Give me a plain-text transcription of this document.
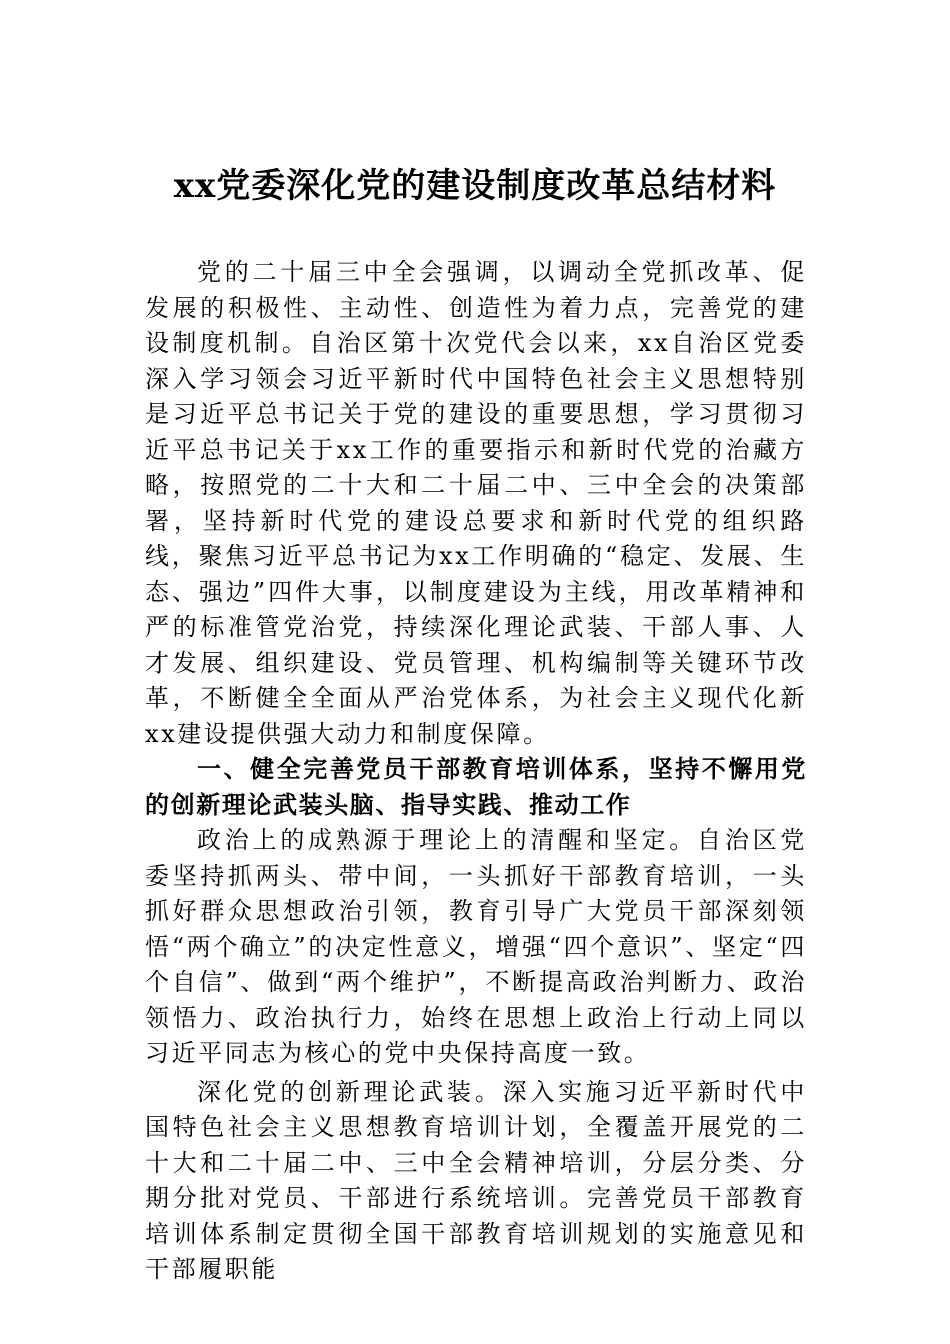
xx党委深化党的建设制度改革总结材料

党的二十届三中全会强调，以调动全党抓改革、促发展的积极性、主动性、创造性为着力点，完善党的建设制度机制。自治区第十次党代会以来，xx自治区党委深入学习领会习近平新时代中国特色社会主义思想特别是习近平总书记关于党的建设的重要思想，学习贯彻习近平总书记关于xx工作的重要指示和新时代党的治藏方略，按照党的二十大和二十届二中、三中全会的决策部署，坚持新时代党的建设总要求和新时代党的组织路线，聚焦习近平总书记为xx工作明确的“稳定、发展、生态、强边”四件大事，以制度建设为主线，用改革精神和严的标准管党治党，持续深化理论武装、干部人事、人才发展、组织建设、党员管理、机构编制等关键环节改革，不断健全全面从严治党体系，为社会主义现代化新xx建设提供强大动力和制度保障。

一、健全完善党员干部教育培训体系，坚持不懈用党的创新理论武装头脑、指导实践、推动工作

政治上的成熟源于理论上的清醒和坚定。自治区党委坚持抓两头、带中间，一头抓好干部教育培训，一头抓好群众思想政治引领，教育引导广大党员干部深刻领悟“两个确立”的决定性意义，增强“四个意识”、坚定“四个自信”、做到“两个维护”，不断提高政治判断力、政治领悟力、政治执行力，始终在思想上政治上行动上同以习近平同志为核心的党中央保持高度一致。

深化党的创新理论武装。深入实施习近平新时代中国特色社会主义思想教育培训计划，全覆盖开展党的二十大和二十届二中、三中全会精神培训，分层分类、分期分批对党员、干部进行系统培训。完善党员干部教育培训体系制定贯彻全国干部教育培训规划的实施意见和干部履职能
